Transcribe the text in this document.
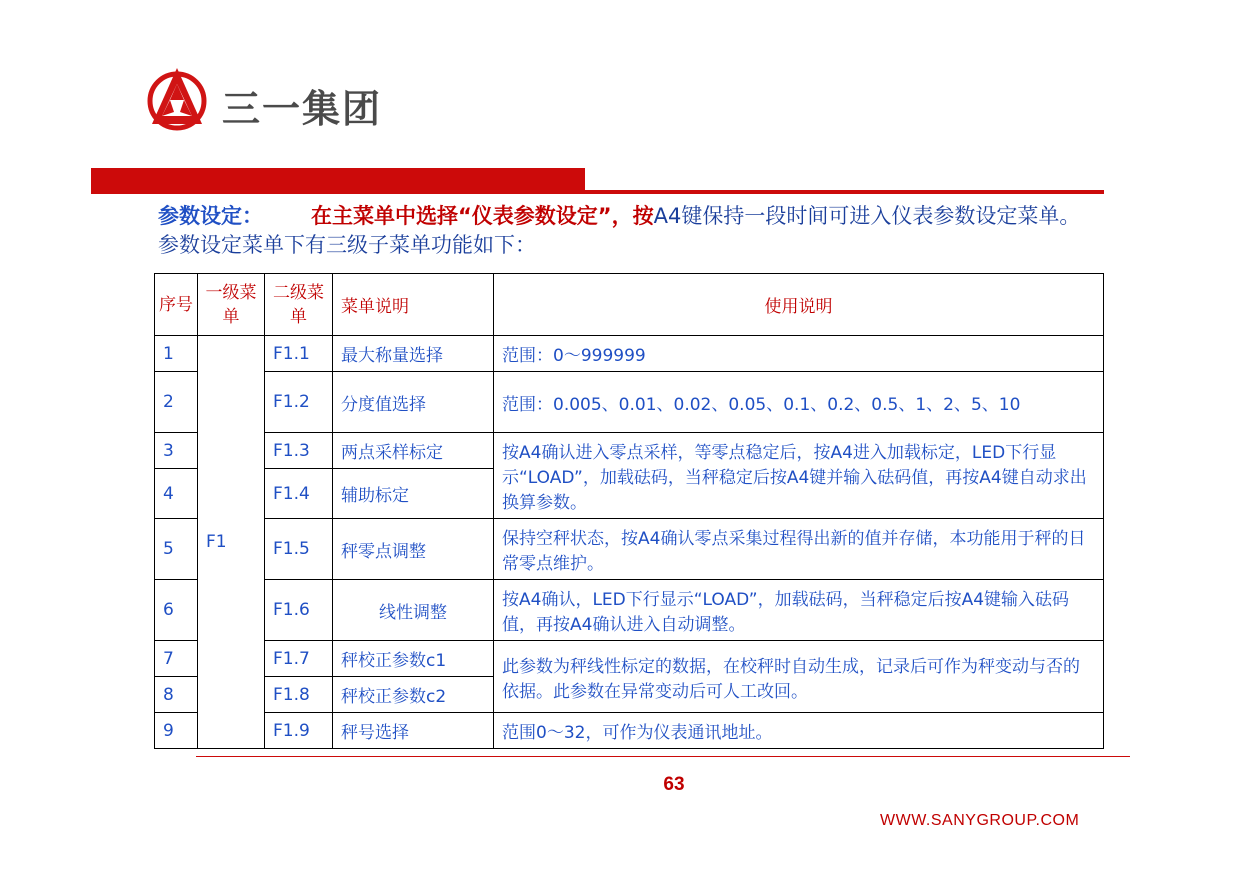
三一集团
参数设定： 在主菜单中选择“仪表参数设定”，按A4键保持一段时间可进入仪表参数设定菜单。参数设定菜单下有三级子菜单功能如下：
序号	一级菜单	二级菜单	菜单说明	使用说明
1	F1	F1.1	最大称量选择	范围：0～999999
2		F1.2	分度值选择	范围：0.005、0.01、0.02、0.05、0.1、0.2、0.5、1、2、5、10
3		F1.3	两点采样标定	按A4确认进入零点采样，等零点稳定后，按A4进入加载标定，LED下行显示“LOAD”，加载砝码，当秤稳定后按A4键并输入砝码值，再按A4键自动求出换算参数。
4		F1.4	辅助标定	
5		F1.5	秤零点调整	保持空秤状态，按A4确认零点采集过程得出新的值并存储，本功能用于秤的日常零点维护。
6		F1.6	线性调整	按A4确认，LED下行显示“LOAD”，加载砝码，当秤稳定后按A4键输入砝码值，再按A4确认进入自动调整。
7		F1.7	秤校正参数c1	此参数为秤线性标定的数据，在校秤时自动生成，记录后可作为秤变动与否的依据。此参数在异常变动后可人工改回。
8		F1.8	秤校正参数c2	
9		F1.9	秤号选择	范围0～32，可作为仪表通讯地址。
63
WWW.SANYGROUP.COM
